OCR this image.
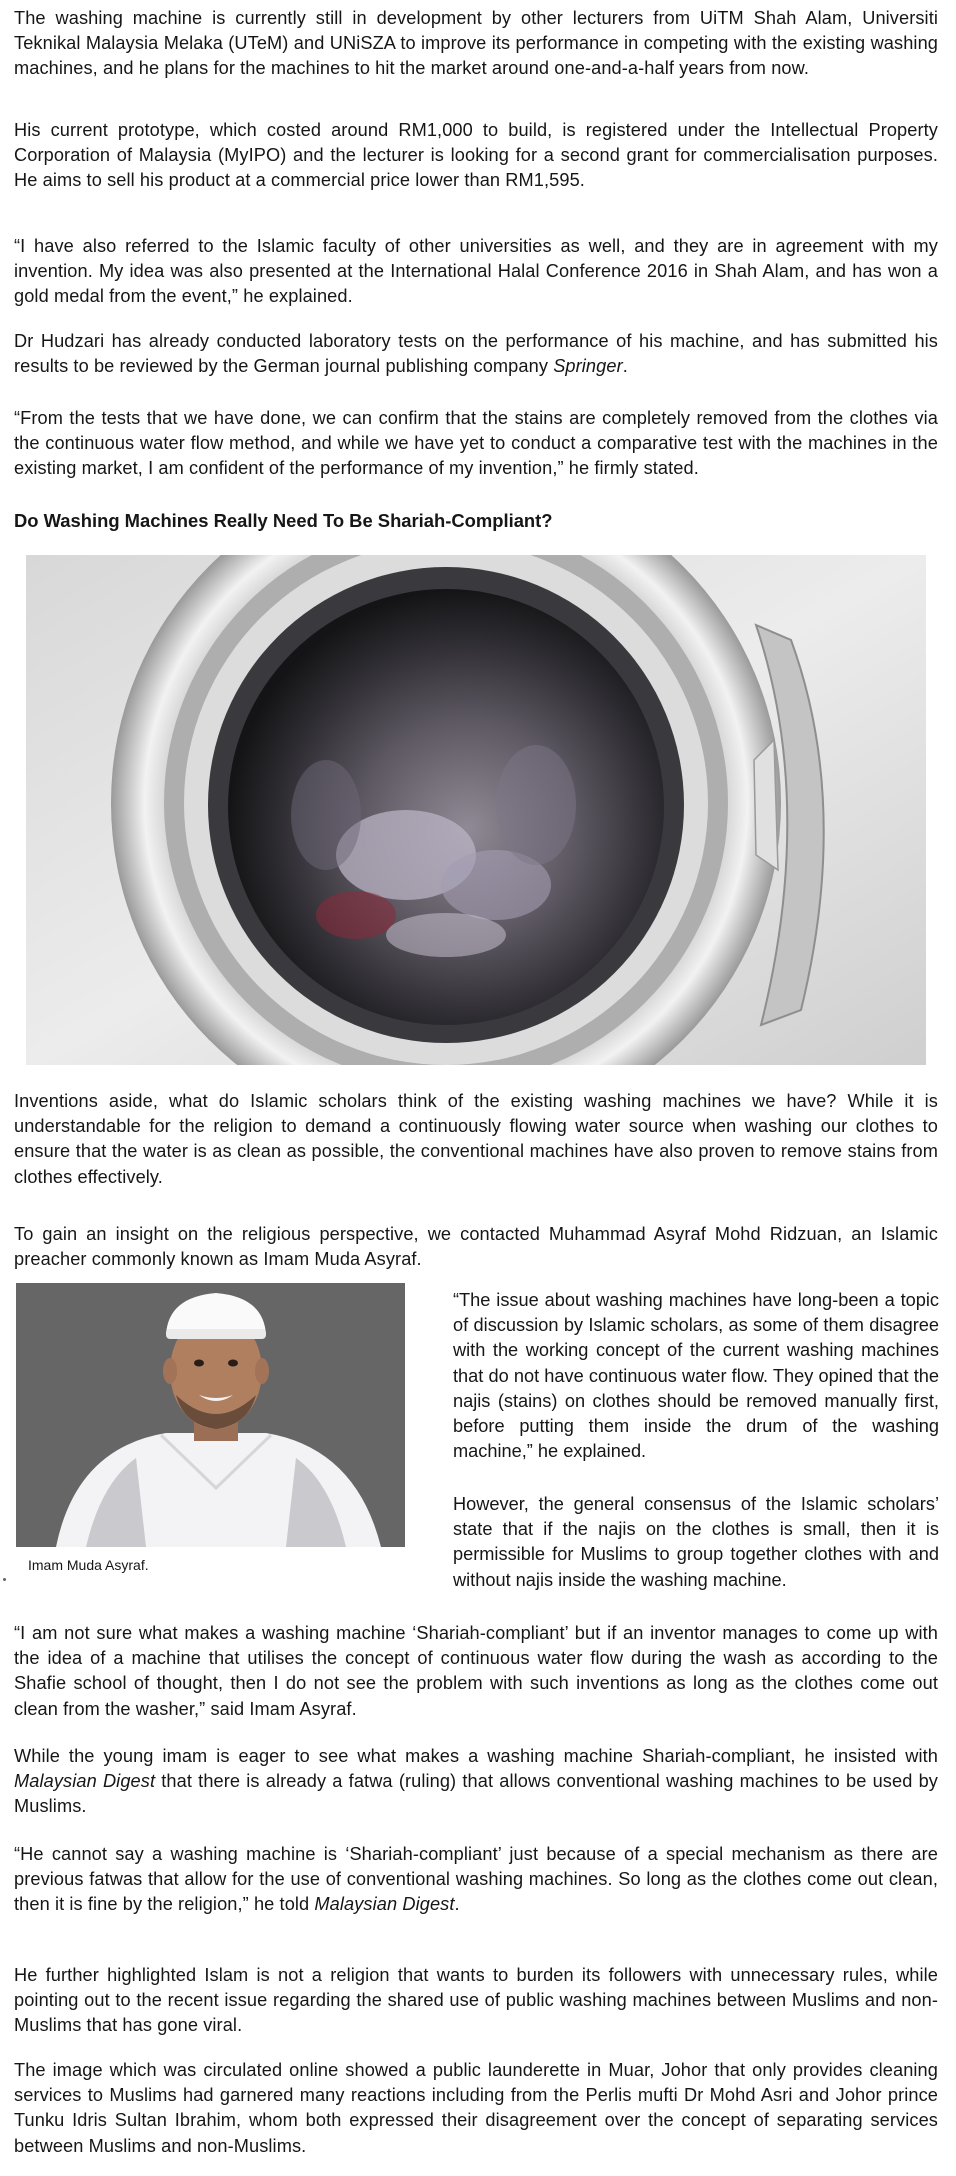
The washing machine is currently still in development by other lecturers from UiTM Shah Alam, Universiti Teknikal Malaysia Melaka (UTeM) and UNiSZA to improve its performance in competing with the existing washing machines, and he plans for the machines to hit the market around one-and-a-half years from now.

His current prototype, which costed around RM1,000 to build, is registered under the Intellectual Property Corporation of Malaysia (MyIPO) and the lecturer is looking for a second grant for commercialisation purposes. He aims to sell his product at a commercial price lower than RM1,595.

“I have also referred to the Islamic faculty of other universities as well, and they are in agreement with my invention. My idea was also presented at the International Halal Conference 2016 in Shah Alam, and has won a gold medal from the event,” he explained.

Dr Hudzari has already conducted laboratory tests on the performance of his machine, and has submitted his results to be reviewed by the German journal publishing company Springer.

“From the tests that we have done, we can confirm that the stains are completely removed from the clothes via the continuous water flow method, and while we have yet to conduct a comparative test with the machines in the existing market, I am confident of the performance of my invention,” he firmly stated.

Do Washing Machines Really Need To Be Shariah-Compliant?

Inventions aside, what do Islamic scholars think of the existing washing machines we have? While it is understandable for the religion to demand a continuously flowing water source when washing our clothes to ensure that the water is as clean as possible, the conventional machines have also proven to remove stains from clothes effectively.

To gain an insight on the religious perspective, we contacted Muhammad Asyraf Mohd Ridzuan, an Islamic preacher commonly known as Imam Muda Asyraf.

Imam Muda Asyraf.

“The issue about washing machines have long-been a topic of discussion by Islamic scholars, as some of them disagree with the working concept of the current washing machines that do not have continuous water flow. They opined that the najis (stains) on clothes should be removed manually first, before putting them inside the drum of the washing machine,” he explained.

However, the general consensus of the Islamic scholars’ state that if the najis on the clothes is small, then it is permissible for Muslims to group together clothes with and without najis inside the washing machine.

“I am not sure what makes a washing machine ‘Shariah-compliant’ but if an inventor manages to come up with the idea of a machine that utilises the concept of continuous water flow during the wash as according to the Shafie school of thought, then I do not see the problem with such inventions as long as the clothes come out clean from the washer,” said Imam Asyraf.

While the young imam is eager to see what makes a washing machine Shariah-compliant, he insisted with Malaysian Digest that there is already a fatwa (ruling) that allows conventional washing machines to be used by Muslims.

“He cannot say a washing machine is ‘Shariah-compliant’ just because of a special mechanism as there are previous fatwas that allow for the use of conventional washing machines. So long as the clothes come out clean, then it is fine by the religion,” he told Malaysian Digest.

He further highlighted Islam is not a religion that wants to burden its followers with unnecessary rules, while pointing out to the recent issue regarding the shared use of public washing machines between Muslims and non-Muslims that has gone viral.

The image which was circulated online showed a public launderette in Muar, Johor that only provides cleaning services to Muslims had garnered many reactions including from the Perlis mufti Dr Mohd Asri and Johor prince Tunku Idris Sultan Ibrahim, whom both expressed their disagreement over the concept of separating services between Muslims and non-Muslims.
